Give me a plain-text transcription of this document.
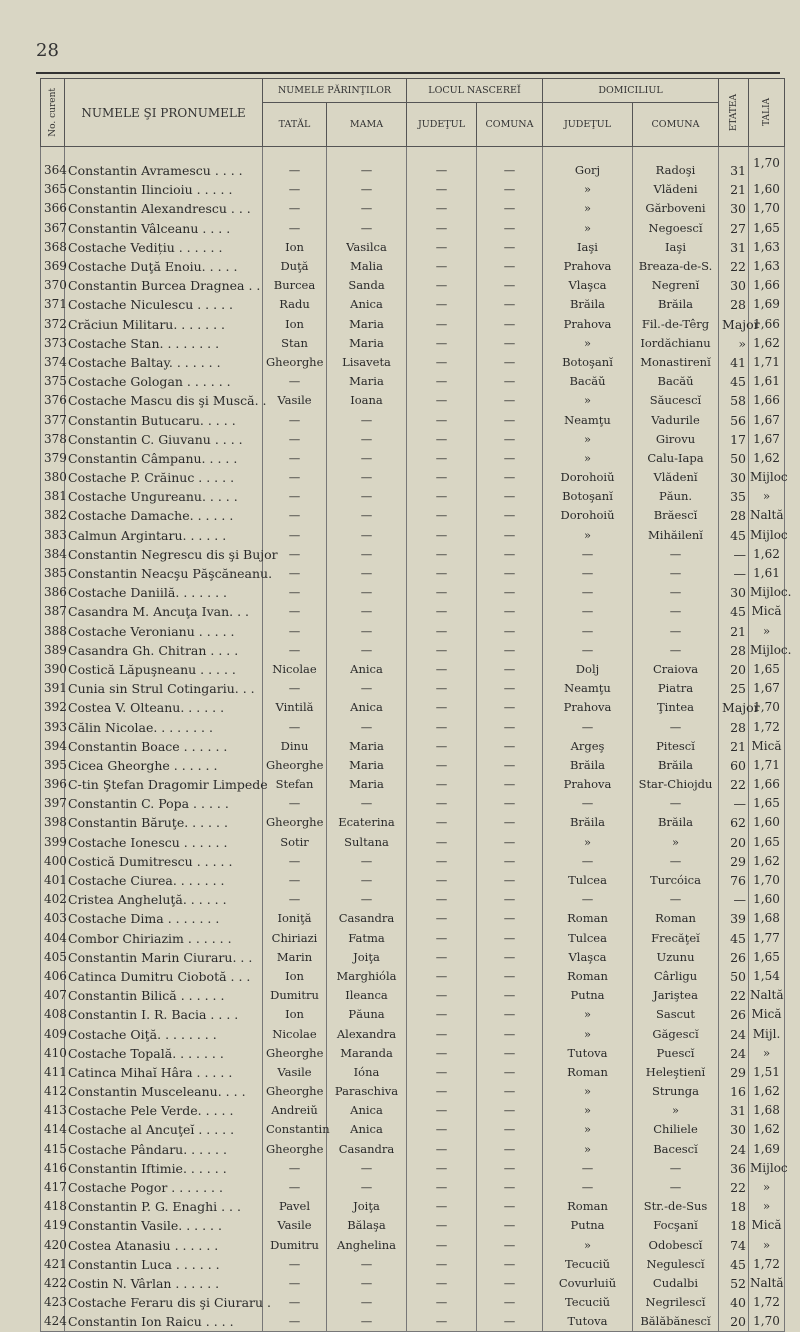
28
No. curent	NUMELE ŞI PRONUMELE	NUMELE PĂRINŢILOR		LOCUL NASCEREĬ		DOMICILIUL		ETATEA	TALIA

		TATĂL	MAMA	JUDEŢUL	COMUNA	JUDEŢUL	COMUNA		
364	Constantin Avramescu . . . .	—	—	—	—	Gorj	Radoşi	31	1,70
365	Constantin Ilincioiu . . . . .	—	—	—	—	»	Vlădeni	21	1,60
366	Constantin Alexandrescu . . .	—	—	—	—	»	Gărboveni	30	1,70
367	Constantin Vâlceanu . . . .	—	—	—	—	»	Negoescĭ	27	1,65
368	Costache Vedițiu . . . . . .	Ion	Vasilca	—	—	Iaşi	Iaşi	31	1,63
369	Costache Duţă Enoiu. . . . .	Duţă	Malia	—	—	Prahova	Breaza-de-S.	22	1,63
370	Constantin Burcea Dragnea . .	Burcea	Sanda	—	—	Vlaşca	Negrenĭ	30	1,66
371	Costache Niculescu . . . . .	Radu	Anica	—	—	Brăila	Brăila	28	1,69
372	Crăciun Militaru. . . . . . .	Ion	Maria	—	—	Prahova	Fil.-de-Têrg	Major	1,66
373	Costache Stan. . . . . . . .	Stan	Maria	—	—	»	Iordăchianu	»	1,62
374	Costache Baltay. . . . . . .	Gheorghe	Lisaveta	—	—	Botoşanĭ	Monastirenĭ	41	1,71
375	Costache Gologan . . . . . .	—	Maria	—	—	Bacăŭ	Bacăŭ	45	1,61
376	Costache Mascu dis şi Muscă. .	Vasile	Ioana	—	—	»	Săucescĭ	58	1,66
377	Constantin Butucaru. . . . .	—	—	—	—	Neamţu	Vadurile	56	1,67
378	Constantin C. Giuvanu . . . .	—	—	—	—	»	Girovu	17	1,67
379	Constantin Câmpanu. . . . .	—	—	—	—	»	Calu-Iapa	50	1,62
380	Costache P. Crăinuc . . . . .	—	—	—	—	Dorohoiŭ	Vlădenĭ	30	Mijloc
381	Costache Ungureanu. . . . .	—	—	—	—	Botoşanĭ	Păun.	35	»
382	Costache Damache. . . . . .	—	—	—	—	Dorohoiŭ	Brăescĭ	28	Naltă
383	Calmun Argintaru. . . . . .	—	—	—	—	»	Mihăilenĭ	45	Mijloc
384	Constantin Negrescu dis şi Bujor	—	—	—	—	—	—	—	1,62
385	Constantin Neacşu Păşcăneanu.	—	—	—	—	—	—	—	1,61
386	Costache Daniilă. . . . . . .	—	—	—	—	—	—	30	Mijloc.
387	Casandra M. Ancuţa Ivan. . .	—	—	—	—	—	—	45	Mică
388	Costache Veronianu . . . . .	—	—	—	—	—	—	21	»
389	Casandra Gh. Chitran . . . .	—	—	—	—	—	—	28	Mijloc.
390	Costică Lăpuşneanu . . . . .	Nicolae	Anica	—	—	Dolj	Craiova	20	1,65
391	Cunia sin Strul Cotingariu. . .	—	—	—	—	Neamţu	Piatra	25	1,67
392	Costea V. Olteanu. . . . . .	Vintilă	Anica	—	—	Prahova	Ţintea	Major	1,70
393	Călin Nicolae. . . . . . . .	—	—	—	—	—	—	28	1,72
394	Constantin Boace . . . . . .	Dinu	Maria	—	—	Argeş	Pitescĭ	21	Mică
395	Cicea Gheorghe . . . . . .	Gheorghe	Maria	—	—	Brăila	Brăila	60	1,71
396	C-tin Ştefan Dragomir Limpede	Stefan	Maria	—	—	Prahova	Star-Chiojdu	22	1,66
397	Constantin C. Popa . . . . .	—	—	—	—	—	—	—	1,65
398	Constantin Băruţe. . . . . .	Gheorghe	Ecaterina	—	—	Brăila	Brăila	62	1,60
399	Costache Ionescu . . . . . .	Sotir	Sultana	—	—	»	»	20	1,65
400	Costică Dumitrescu . . . . .	—	—	—	—	—	—	29	1,62
401	Costache Ciurea. . . . . . .	—	—	—	—	Tulcea	Turcóica	76	1,70
402	Cristea Angheluţă. . . . . .	—	—	—	—	—	—	—	1,60
403	Costache Dima . . . . . . .	Ioniţă	Casandra	—	—	Roman	Roman	39	1,68
404	Combor Chiriazim . . . . . .	Chiriazi	Fatma	—	—	Tulcea	Frecăţeĭ	45	1,77
405	Constantin Marin Ciuraru. . .	Marin	Joiţa	—	—	Vlaşca	Uzunu	26	1,65
406	Catinca Dumitru Ciobotă . . .	Ion	Marghióla	—	—	Roman	Cârligu	50	1,54
407	Constantin Bilică . . . . . .	Dumitru	Ileanca	—	—	Putna	Jariştea	22	Naltă
408	Constantin I. R. Bacia . . . .	Ion	Păuna	—	—	»	Sascut	26	Mică
409	Costache Oiţă. . . . . . . .	Nicolae	Alexandra	—	—	»	Găgescĭ	24	Mijl.
410	Costache Topală. . . . . . .	Gheorghe	Maranda	—	—	Tutova	Puescĭ	24	»
411	Catinca Mihaĭ Hâra . . . . .	Vasile	Ióna	—	—	Roman	Heleştienĭ	29	1,51
412	Constantin Musceleanu. . . .	Gheorghe	Paraschiva	—	—	»	Strunga	16	1,62
413	Costache Pele Verde. . . . .	Andreiŭ	Anica	—	—	»	»	31	1,68
414	Costache al Ancuţeĭ . . . . .	Constantin	Anica	—	—	»	Chiliele	30	1,62
415	Costache Pândaru. . . . . .	Gheorghe	Casandra	—	—	»	Bacescĭ	24	1,69
416	Constantin Iftimie. . . . . .	—	—	—	—	—	—	36	Mijloc
417	Costache Pogor . . . . . . .	—	—	—	—	—	—	22	»
418	Constantin P. G. Enaghi . . .	Pavel	Joiţa	—	—	Roman	Str.-de-Sus	18	»
419	Constantin Vasile. . . . . .	Vasile	Bălaşa	—	—	Putna	Focşanĭ	18	Mică
420	Costea Atanasiu . . . . . .	Dumitru	Anghelina	—	—	»	Odobescĭ	74	»
421	Constantin Luca . . . . . .	—	—	—	—	Tecuciŭ	Negulescĭ	45	1,72
422	Costin N. Vârlan . . . . . .	—	—	—	—	Covurluiŭ	Cudalbi	52	Naltă
423	Costache Feraru dis şi Ciuraru .	—	—	—	—	Tecuciŭ	Negrilescĭ	40	1,72
424	Constantin Ion Raicu . . . .	—	—	—	—	Tutova	Bălăbănescĭ	20	1,70
